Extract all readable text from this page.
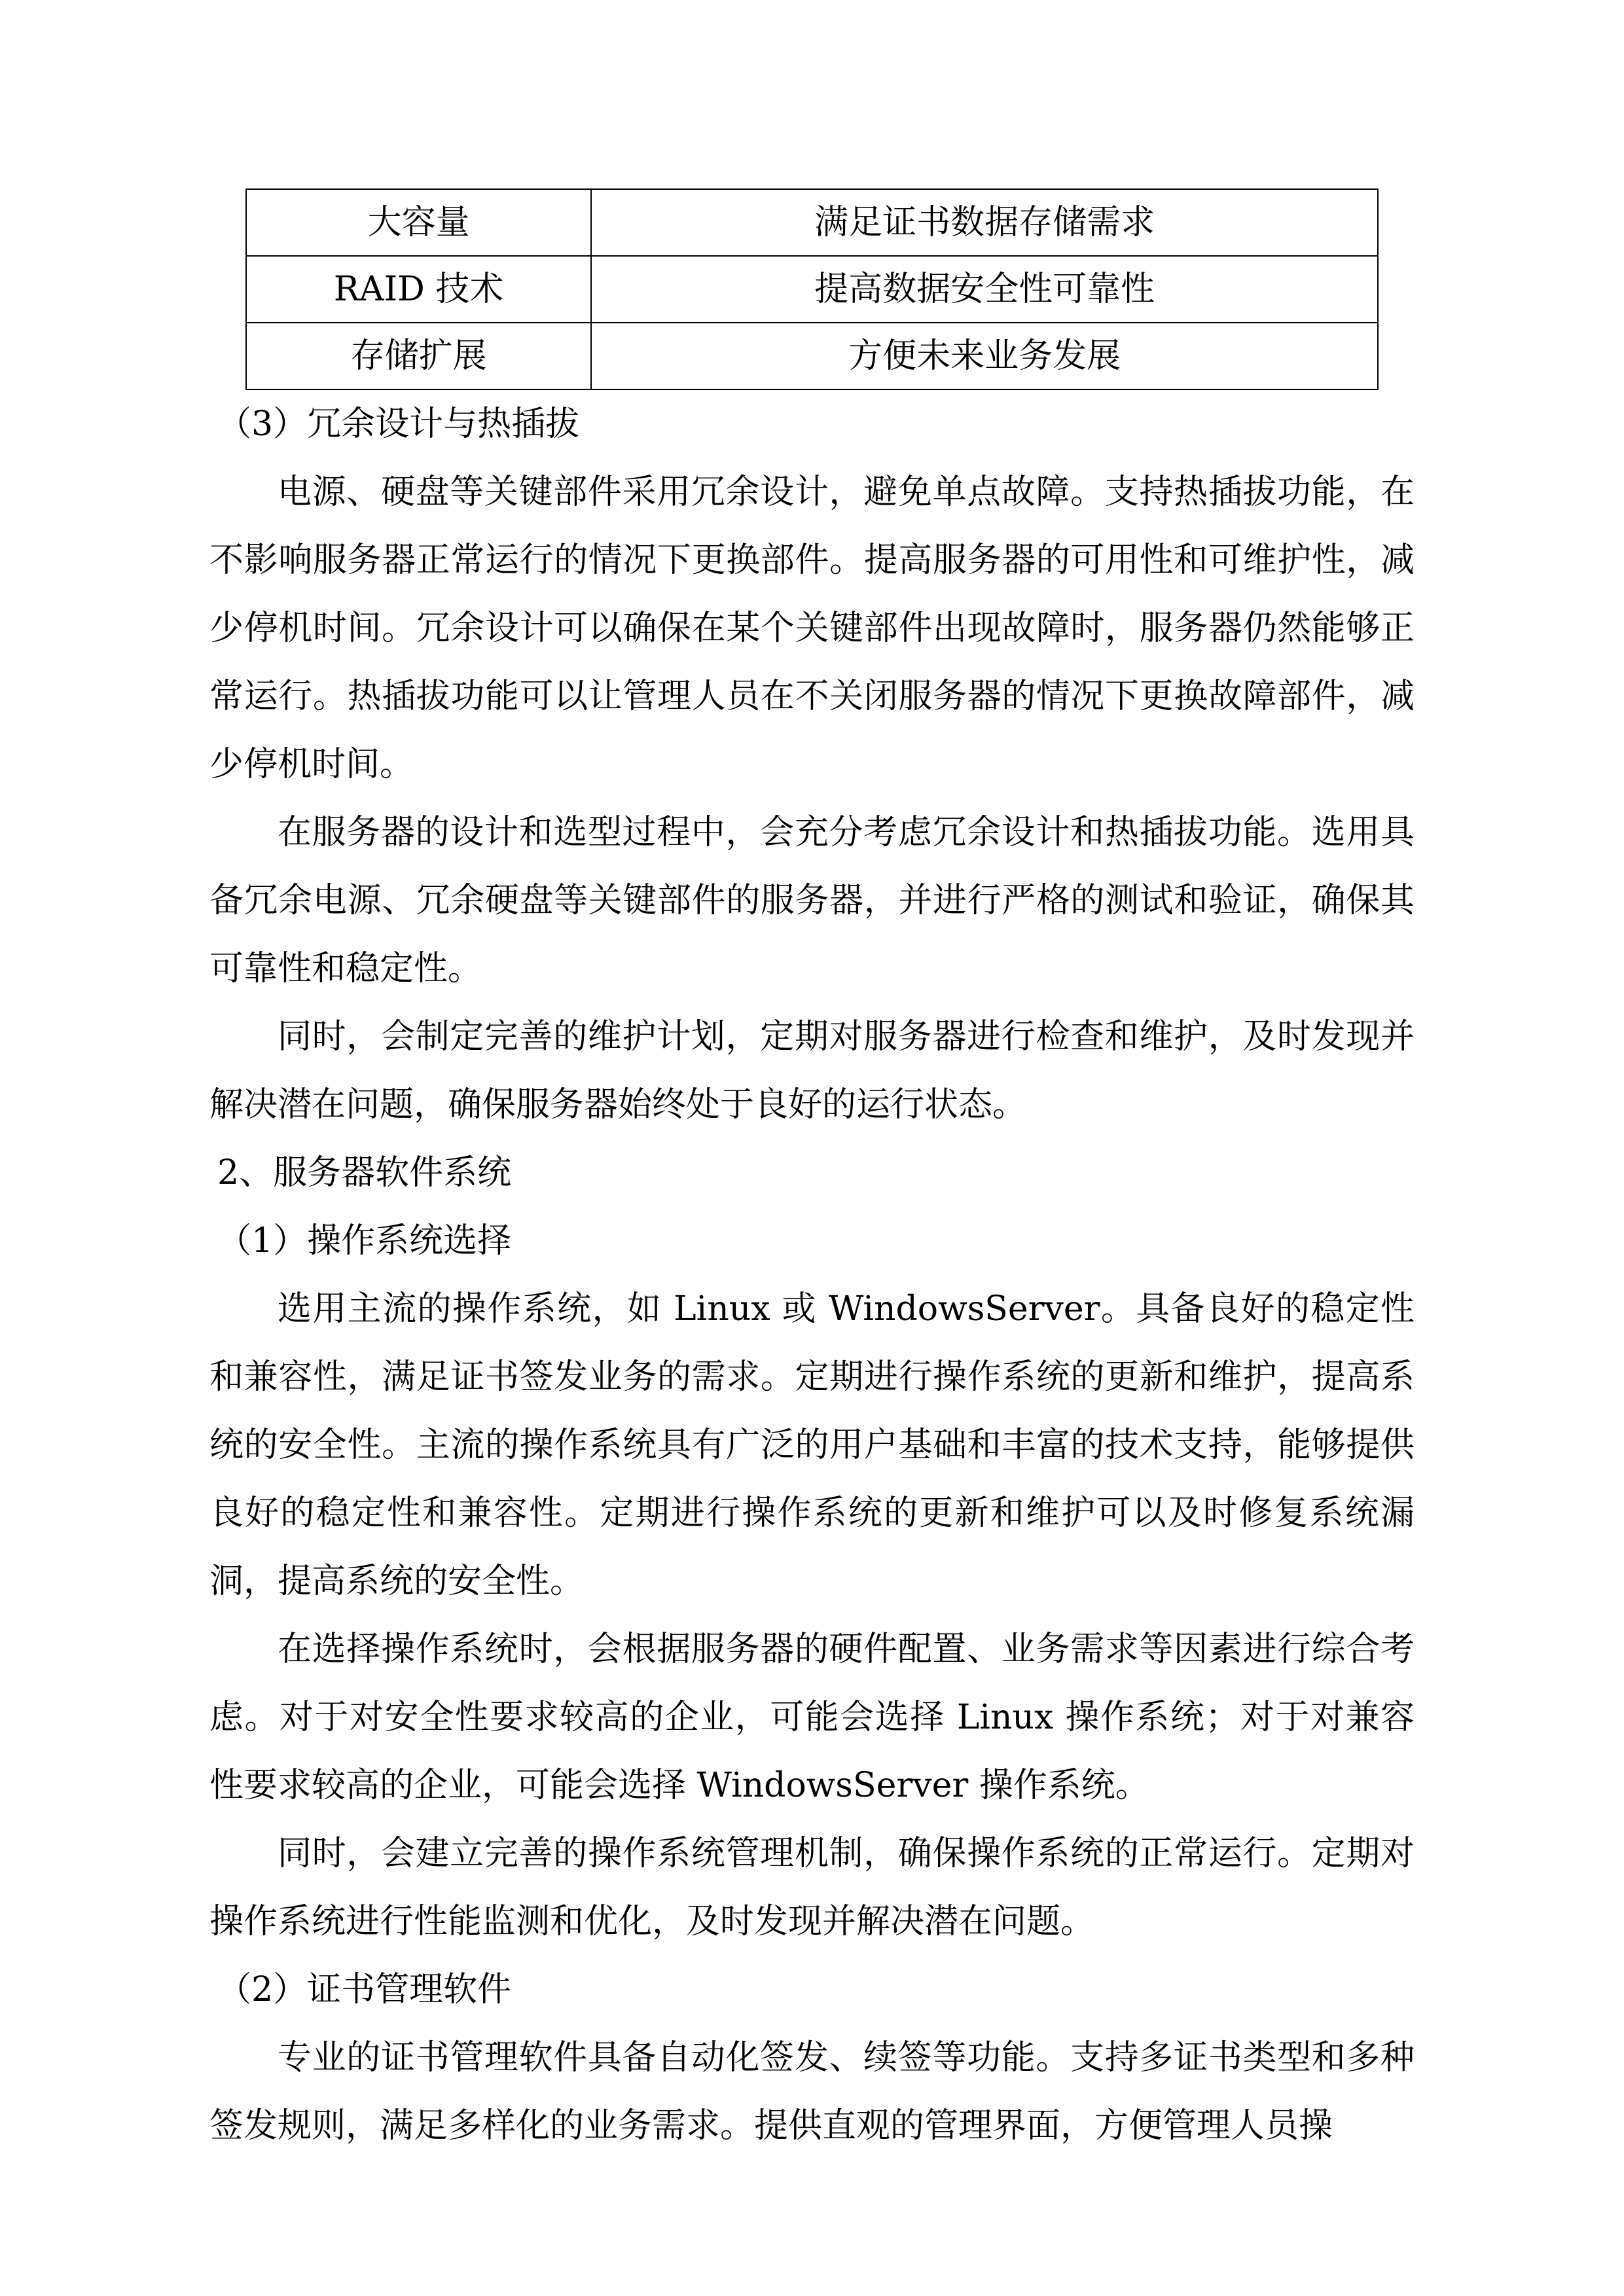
大容量	满足证书数据存储需求
RAID 技术	提高数据安全性可靠性
存储扩展	方便未来业务发展

（3）冗余设计与热插拔

电源、硬盘等关键部件采用冗余设计，避免单点故障。支持热插拔功能，在不影响服务器正常运行的情况下更换部件。提高服务器的可用性和可维护性，减少停机时间。冗余设计可以确保在某个关键部件出现故障时，服务器仍然能够正常运行。热插拔功能可以让管理人员在不关闭服务器的情况下更换故障部件，减少停机时间。

在服务器的设计和选型过程中，会充分考虑冗余设计和热插拔功能。选用具备冗余电源、冗余硬盘等关键部件的服务器，并进行严格的测试和验证，确保其可靠性和稳定性。

同时，会制定完善的维护计划，定期对服务器进行检查和维护，及时发现并解决潜在问题，确保服务器始终处于良好的运行状态。

2、服务器软件系统

（1）操作系统选择

选用主流的操作系统，如 Linux 或 WindowsServer。具备良好的稳定性和兼容性，满足证书签发业务的需求。定期进行操作系统的更新和维护，提高系统的安全性。主流的操作系统具有广泛的用户基础和丰富的技术支持，能够提供良好的稳定性和兼容性。定期进行操作系统的更新和维护可以及时修复系统漏洞，提高系统的安全性。

在选择操作系统时，会根据服务器的硬件配置、业务需求等因素进行综合考虑。对于对安全性要求较高的企业，可能会选择 Linux 操作系统；对于对兼容性要求较高的企业，可能会选择 WindowsServer 操作系统。

同时，会建立完善的操作系统管理机制，确保操作系统的正常运行。定期对操作系统进行性能监测和优化，及时发现并解决潜在问题。

（2）证书管理软件

专业的证书管理软件具备自动化签发、续签等功能。支持多证书类型和多种签发规则，满足多样化的业务需求。提供直观的管理界面，方便管理人员操
